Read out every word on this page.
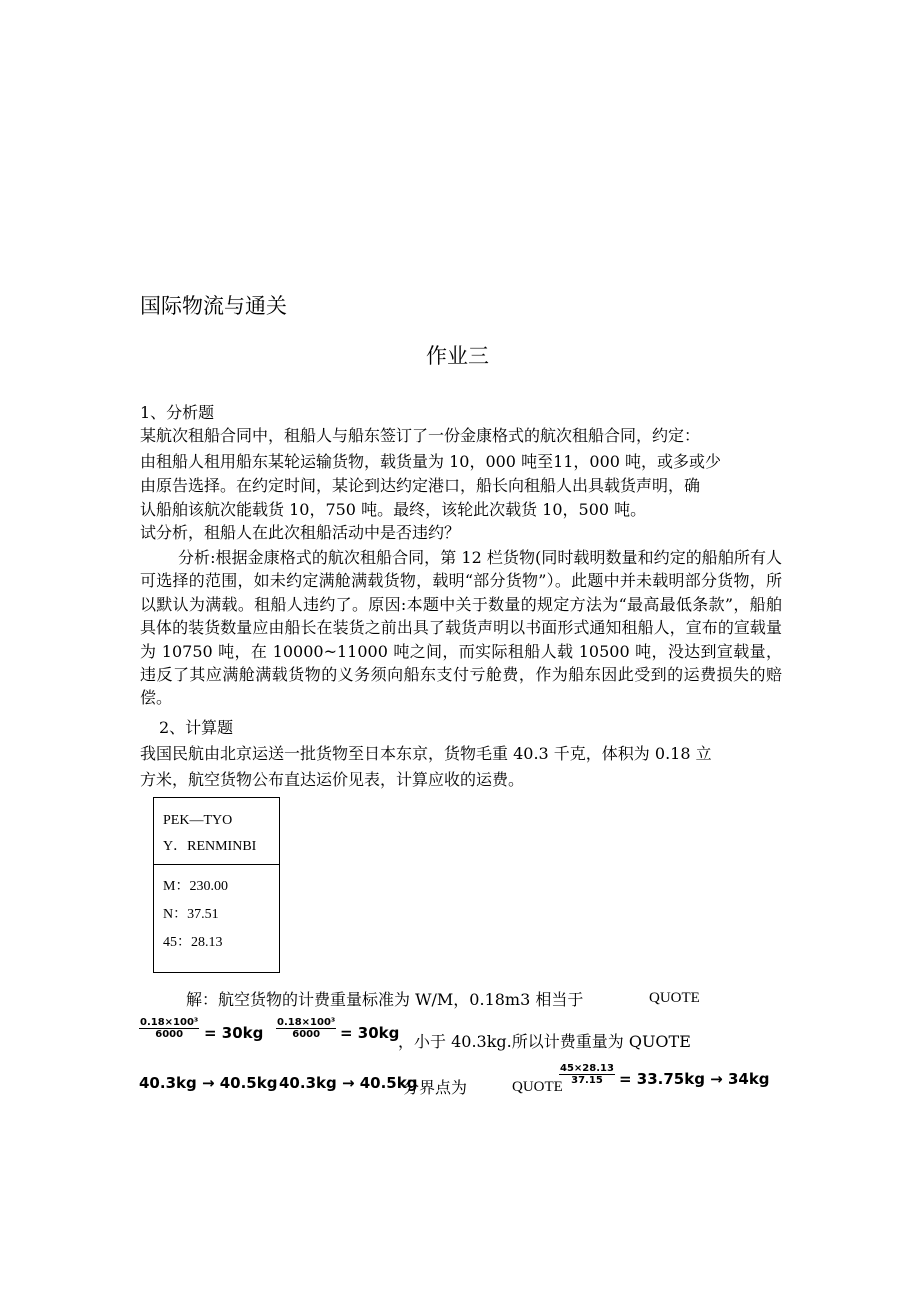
国际物流与通关
作业三
1、分析题
某航次租船合同中，租船人与船东签订了一份金康格式的航次租船合同，约定：
由租船人租用船东某轮运输货物，载货量为 10，000 吨至11，000 吨，或多或少
由原告选择。在约定时间，某论到达约定港口，船长向租船人出具载货声明，确
认船舶该航次能载货 10，750 吨。最终，该轮此次载货 10，500 吨。
试分析，租船人在此次租船活动中是否违约？
分析:根据金康格式的航次租船合同，第 12 栏货物(同时载明数量和约定的船舶所有人可选择的范围，如未约定满舱满载货物，载明“部分货物”）。此题中并未载明部分货物，所以默认为满载。租船人违约了。原因:本题中关于数量的规定方法为“最高最低条款”，船舶具体的装货数量应由船长在装货之前出具了载货声明以书面形式通知租船人，宣布的宣载量为 10750 吨，在 10000~11000 吨之间，而实际租船人载 10500 吨，没达到宣载量，违反了其应满舱满载货物的义务须向船东支付亏舱费，作为船东因此受到的运费损失的赔偿。
2、计算题
我国民航由北京运送一批货物至日本东京，货物毛重 40.3 千克，体积为 0.18 立
方米，航空货物公布直达运价见表，计算应收的运费。
PEK—TYO
Y．RENMINBI
M：230.00
N：37.51
45：28.13
解：航空货物的计费重量标准为 W/M，0.18m3 相当于	QUOTE
$\frac{\text{0.18×100³}}{6000} = 30kg \frac{\text{0.18×100³}}{6000} = 30kg$
，小于 40.3kg.所以计费重量为 QUOTE
40.3kg → 40.5kg 40.3kg → 40.5kg
分界点为	QUOTE
$\frac{45\times 28.13}{37.15} = 33.75kg \to 34kg$
